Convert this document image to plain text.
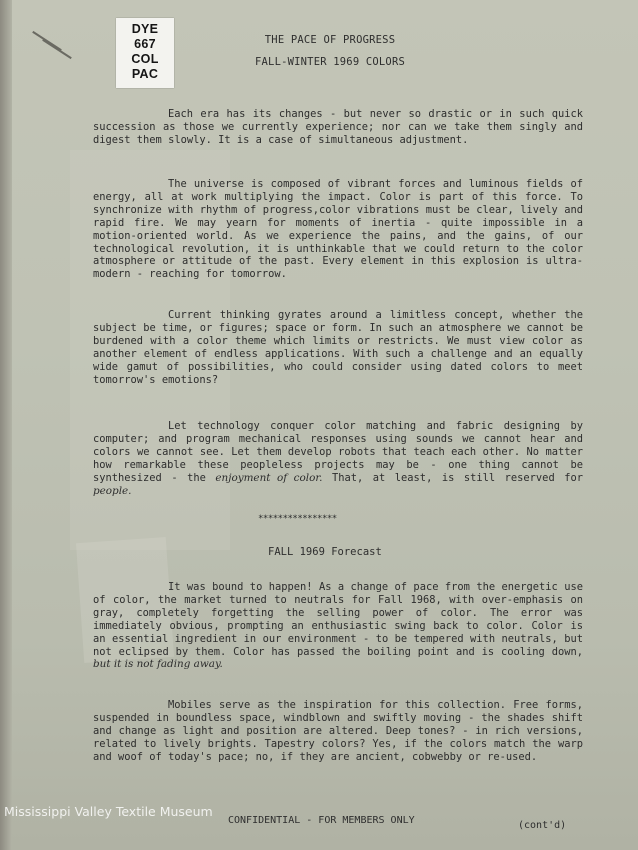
DYE
667
COL
PAC
THE PACE OF PROGRESS
FALL-WINTER 1969 COLORS

Each era has its changes - but never so drastic or in such quick succession as those we currently experience; nor can we take them singly and digest them slowly. It is a case of simultaneous adjustment.

The universe is composed of vibrant forces and luminous fields of energy, all at work multiplying the impact. Color is part of this force. To synchronize with rhythm of progress,color vibrations must be clear, lively and rapid fire. We may yearn for moments of inertia - quite impossible in a motion-oriented world. As we experience the pains, and the gains, of our technological revolution, it is unthinkable that we could return to the color atmosphere or attitude of the past. Every element in this explosion is ultra-modern - reaching for tomorrow.

Current thinking gyrates around a limitless concept, whether the subject be time, or figures; space or form. In such an atmosphere we cannot be burdened with a color theme which limits or restricts. We must view color as another element of endless applications. With such a challenge and an equally wide gamut of possibilities, who could consider using dated colors to meet tomorrow's emotions?

Let technology conquer color matching and fabric designing by computer; and program mechanical responses using sounds we cannot hear and colors we cannot see. Let them develop robots that teach each other. No matter how remarkable these peopleless projects may be - one thing cannot be synthesized - the enjoyment of color. That, at least, is still reserved for people.

****************
FALL 1969 Forecast

It was bound to happen! As a change of pace from the energetic use of color, the market turned to neutrals for Fall 1968, with over-emphasis on gray, completely forgetting the selling power of color. The error was immediately obvious, prompting an enthusiastic swing back to color. Color is an essential ingredient in our environment - to be tempered with neutrals, but not eclipsed by them. Color has passed the boiling point and is cooling down, but it is not fading away.

Mobiles serve as the inspiration for this collection. Free forms, suspended in boundless space, windblown and swiftly moving - the shades shift and change as light and position are altered. Deep tones? - in rich versions, related to lively brights. Tapestry colors? Yes, if the colors match the warp and woof of today's pace; no, if they are ancient, cobwebby or re-used.

CONFIDENTIAL - FOR MEMBERS ONLY	(cont'd)
Mississippi Valley Textile Museum
